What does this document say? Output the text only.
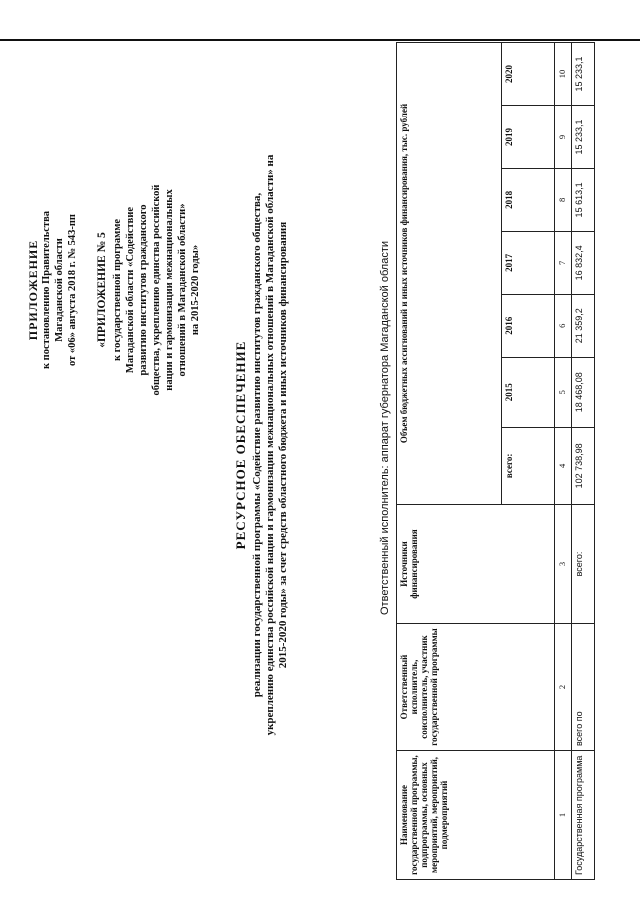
ПРИЛОЖЕНИЕ к постановлению Правительства Магаданской области от «06» августа 2018 г. № 543-пп «ПРИЛОЖЕНИЕ № 5 к государственной программе Магаданской области «Содействие развитию институтов гражданского общества, укреплению единства российской нации и гармонизации межнациональных отношений в Магаданской области» на 2015-2020 годы»
РЕСУРСНОЕ ОБЕСПЕЧЕНИЕ реализации государственной программы «Содействие развитию институтов гражданского общества, укреплению единства российской нации и гармонизации межнациональных отношений в Магаданской области» на 2015-2020 годы» за счет средств областного бюджета и иных источников финансирования	Ответственный исполнитель: аппарат губернатора Магаданской области
Наименование государственной программы, подпрограммы, основных мероприятий, мероприятий, подмероприятий	Ответственный исполнитель, соисполнитель, участник государственной программы	Источники финансирования	Объем бюджетных ассигнований и иных источников финансирования, тыс. рублей						
			всего:	2015	2016	2017	2018	2019	2020
1	2	3	4	5	6	7	8	9	10
Государственная программа	всего по	всего:	102 738,98	18 468,08	21 359,2	16 832,4	15 613,1	15 233,1	15 233,1
